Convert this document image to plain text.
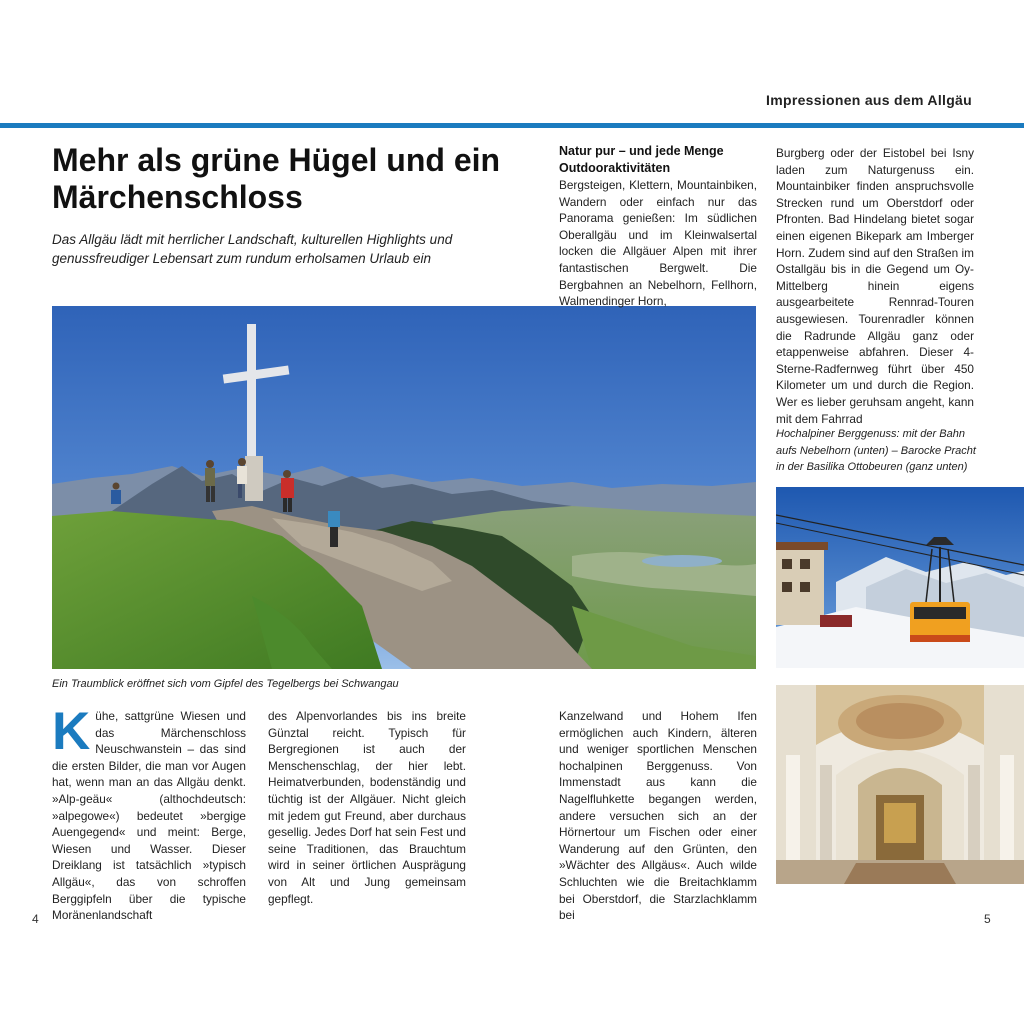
Impressionen aus dem Allgäu
Mehr als grüne Hügel und ein Märchenschloss

Das Allgäu lädt mit herrlicher Landschaft, kulturellen Highlights und genussfreudiger Lebensart zum rundum erholsamen Urlaub ein

Ein Traumblick eröffnet sich vom Gipfel des Tegelbergs bei Schwangau
K ühe, sattgrüne Wiesen und das Märchenschloss Neuschwanstein – das sind die ersten Bilder, die man vor Augen hat, wenn man an das Allgäu denkt. »Alp-geäu« (althochdeutsch: »alpegowe«) bedeutet »bergige Auengegend« und meint: Berge, Wiesen und Wasser. Dieser Dreiklang ist tatsächlich »typisch Allgäu«, das von schroffen Berggipfeln über die typische Moränenlandschaft

des Alpenvorlandes bis ins breite Günztal reicht. Typisch für Bergregionen ist auch der Menschenschlag, der hier lebt. Heimatverbunden, bodenständig und tüchtig ist der Allgäuer. Nicht gleich mit jedem gut Freund, aber durchaus gesellig. Jedes Dorf hat sein Fest und seine Traditionen, das Brauchtum wird in seiner örtlichen Ausprägung von Alt und Jung gemeinsam gepflegt.

Natur pur – und jede Menge Outdooraktivitäten

Bergsteigen, Klettern, Mountainbiken, Wandern oder einfach nur das Panorama genießen: Im südlichen Oberallgäu und im Kleinwalsertal locken die Allgäuer Alpen mit ihrer fantastischen Bergwelt. Die Bergbahnen an Nebelhorn, Fellhorn, Walmendinger Horn,

Kanzelwand und Hohem Ifen ermöglichen auch Kindern, älteren und weniger sportlichen Menschen hochalpinen Berggenuss. Von Immenstadt aus kann die Nagelfluhkette begangen werden, andere versuchen sich an der Hörnertour um Fischen oder einer Wanderung auf den Grünten, den »Wächter des Allgäus«. Auch wilde Schluchten wie die Breitachklamm bei Oberstdorf, die Starzlachklamm bei

Burgberg oder der Eistobel bei Isny laden zum Naturgenuss ein. Mountainbiker finden anspruchsvolle Strecken rund um Oberstdorf oder Pfronten. Bad Hindelang bietet sogar einen eigenen Bikepark am Imberger Horn. Zudem sind auf den Straßen im Ostallgäu bis in die Gegend um Oy-Mittelberg hinein eigens ausgearbeitete Rennrad-Touren ausgewiesen. Tourenradler können die Radrunde Allgäu ganz oder etappenweise abfahren. Dieser 4-Sterne-Radfernweg führt über 450 Kilometer um und durch die Region. Wer es lieber geruhsam angeht, kann mit dem Fahrrad

Hochalpiner Berggenuss: mit der Bahn aufs Nebelhorn (unten) – Barocke Pracht in der Basilika Ottobeuren (ganz unten)
4	5
